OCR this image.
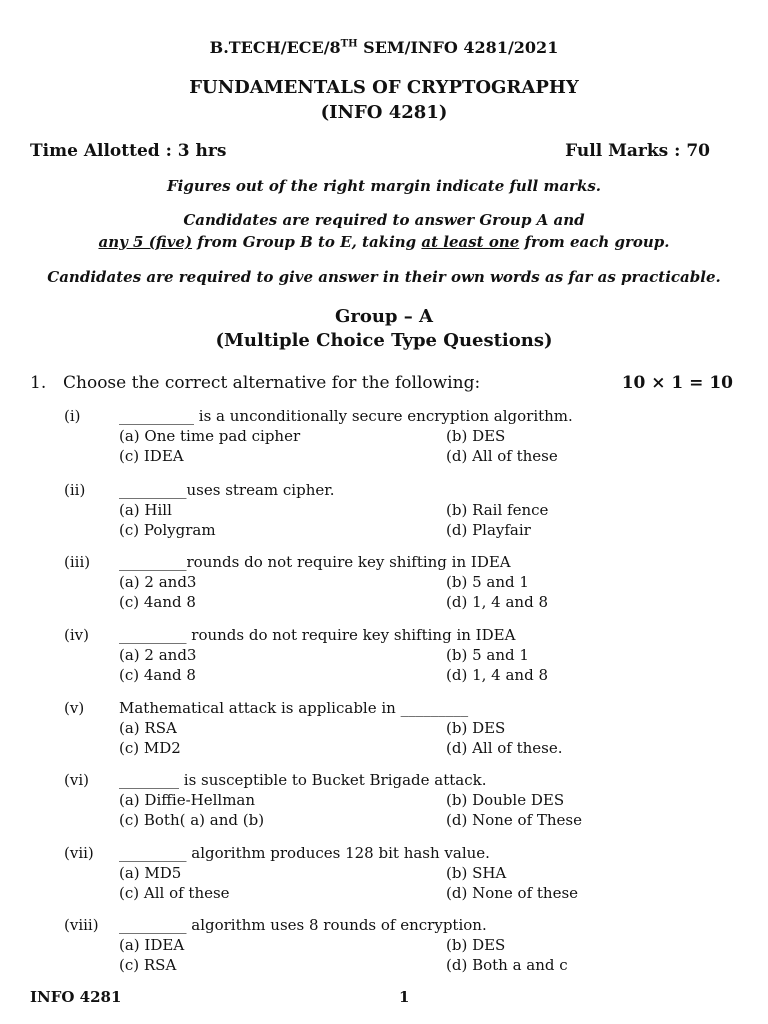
B.TECH/ECE/8TH SEM/INFO 4281/2021
FUNDAMENTALS OF CRYPTOGRAPHY
(INFO 4281)
Time Allotted : 3 hrs	Full Marks : 70
Figures out of the right margin indicate full marks.
Candidates are required to answer Group A and
any 5 (five) from Group B to E, taking at least one from each group.
Candidates are required to give answer in their own words as far as practicable.
Group – A
(Multiple Choice Type Questions)
1. Choose the correct alternative for the following:	10 × 1 = 10
(i)	__________ is a unconditionally secure encryption algorithm.
(a) One time pad cipher	(b) DES
(c) IDEA	(d) All of these
(ii) _________uses stream cipher.
(a) Hill	(b) Rail fence
(c) Polygram	(d) Playfair
(iii) _________rounds do not require key shifting in IDEA
(a) 2 and3	(b) 5 and 1
(c) 4and 8	(d) 1, 4 and 8
(iv) _________ rounds do not require key shifting in IDEA
(a) 2 and3	(b) 5 and 1
(c) 4and 8	(d) 1, 4 and 8
(v) Mathematical attack is applicable in _________
(a) RSA	(b) DES
(c) MD2	(d) All of these.
(vi) ________ is susceptible to Bucket Brigade attack.
(a) Diffie-Hellman	(b) Double DES
(c) Both( a) and (b)	(d) None of These
(vii) _________ algorithm produces 128 bit hash value.
(a) MD5	(b) SHA
(c) All of these	(d) None of these
(viii) _________ algorithm uses 8 rounds of encryption.
(a) IDEA	(b) DES
(c) RSA	(d) Both a and c
INFO 4281	1
